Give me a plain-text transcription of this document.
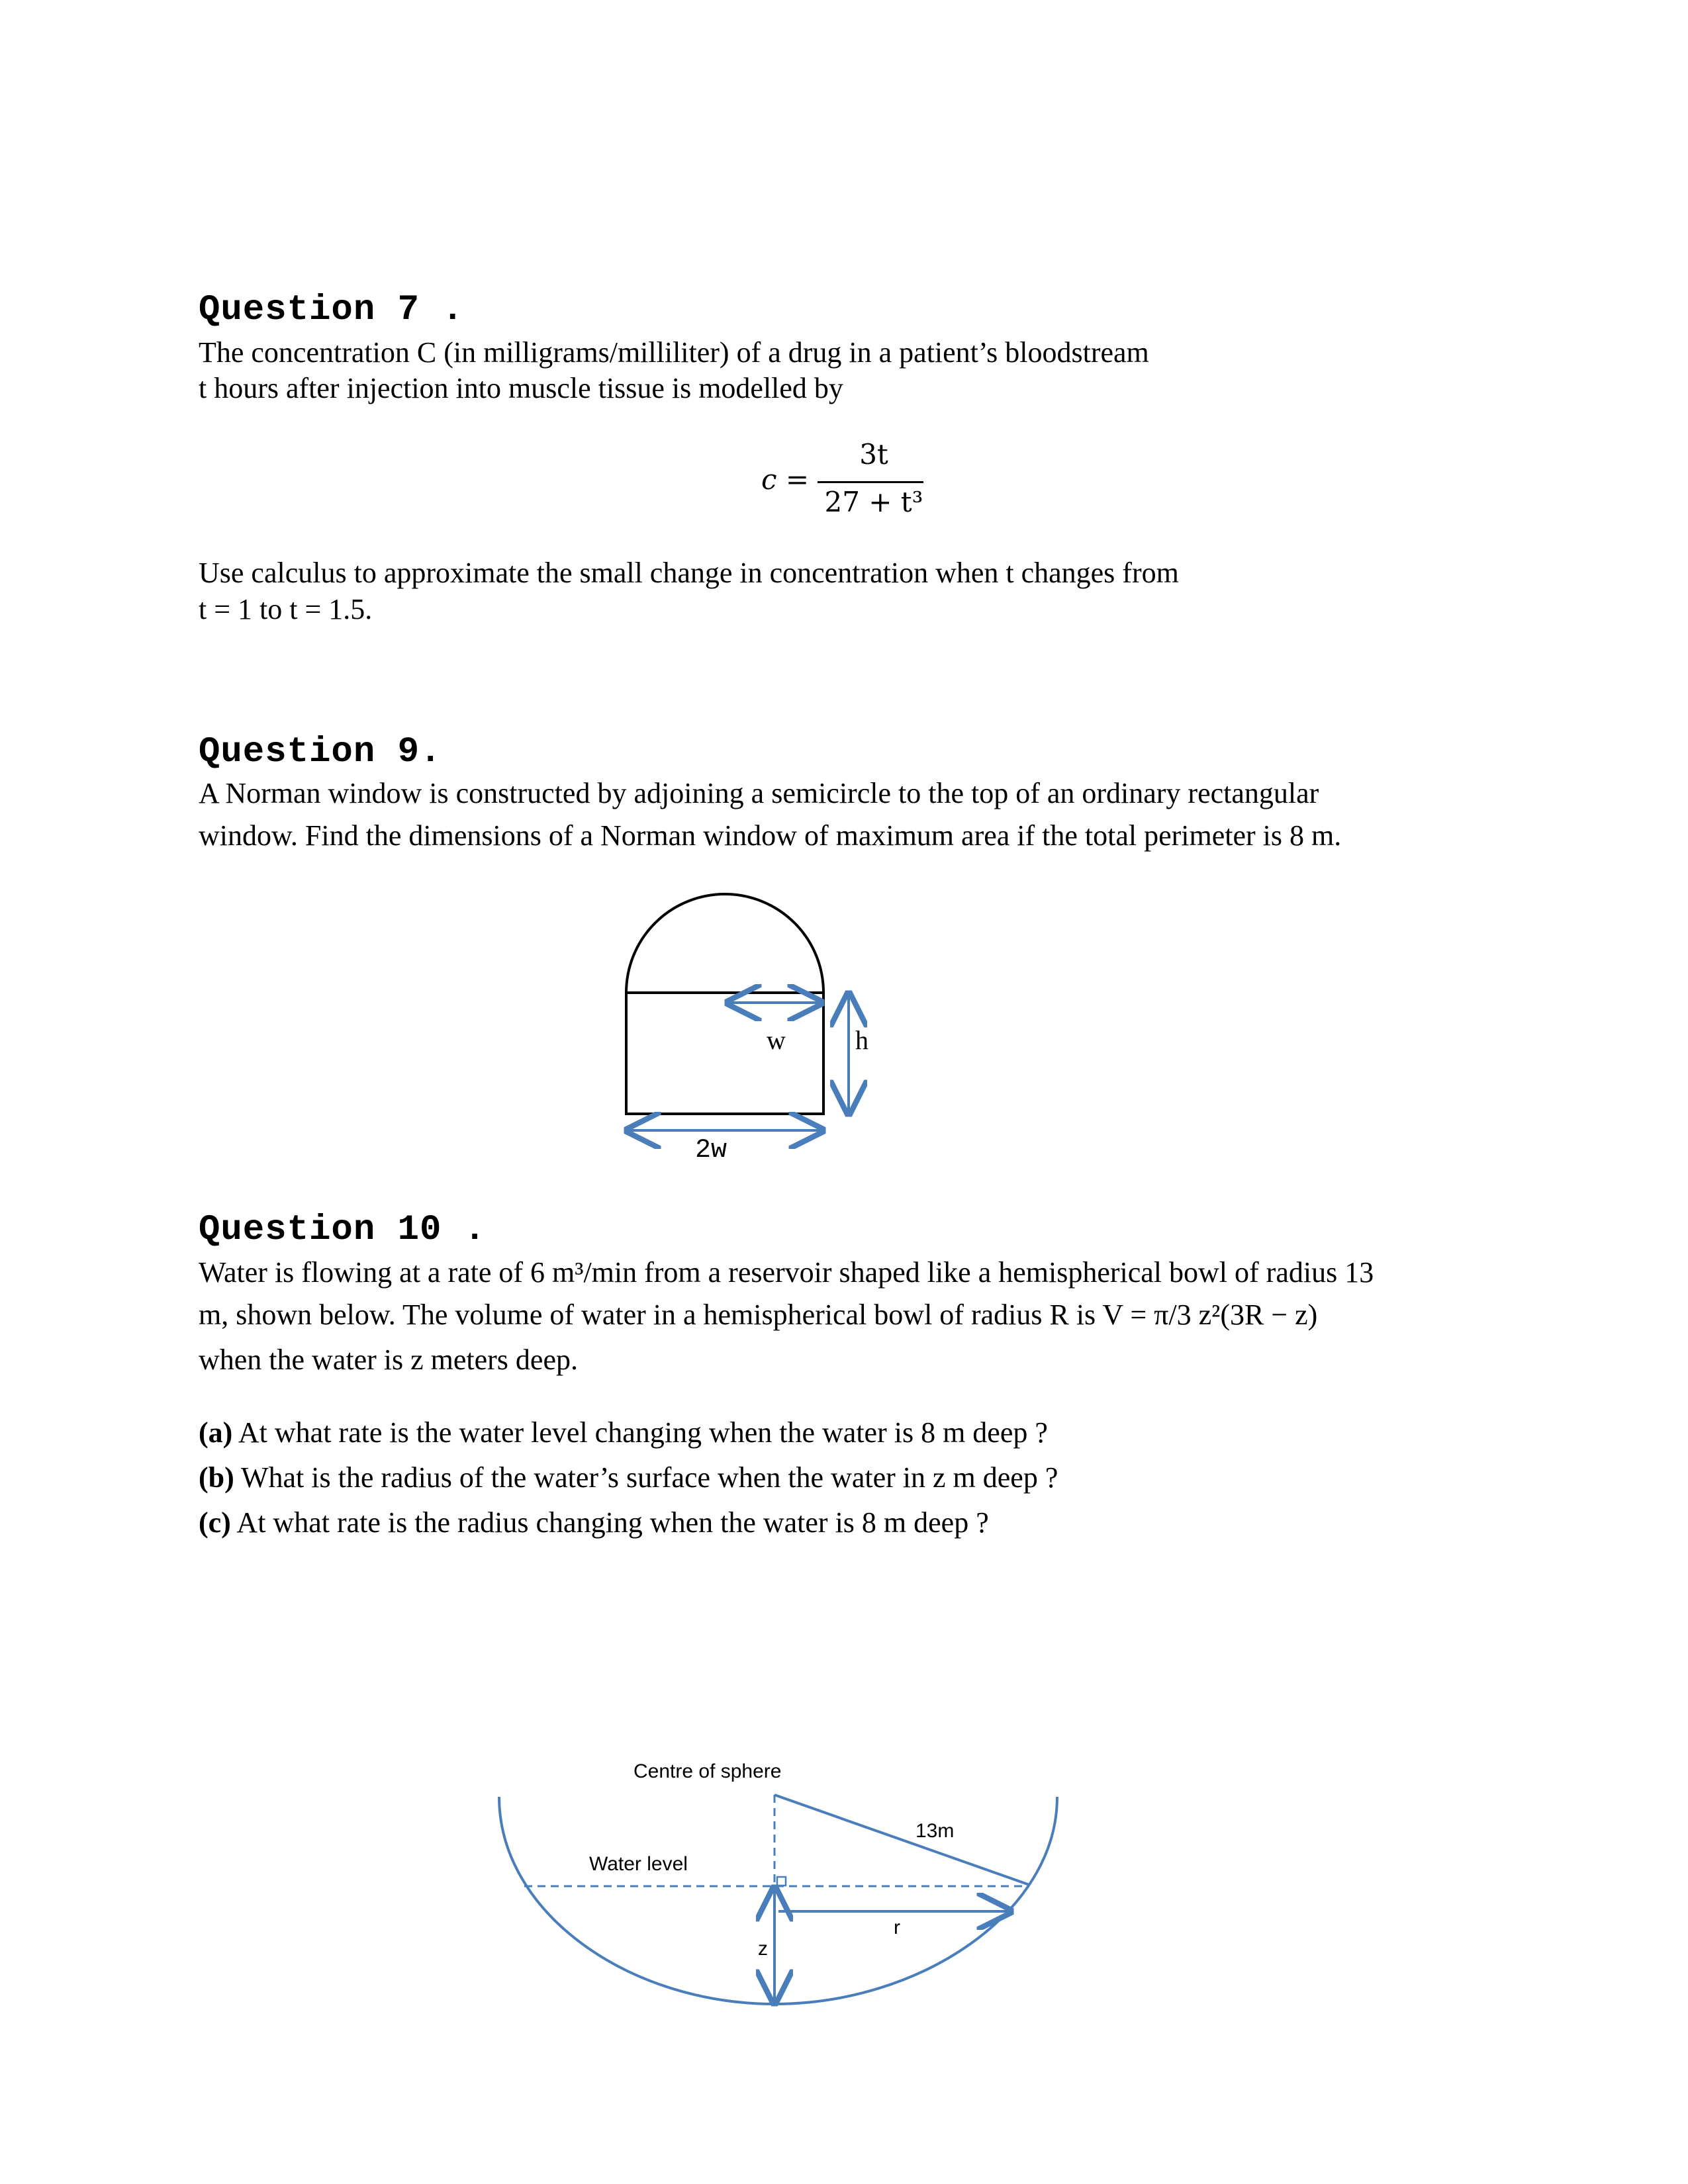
Question 7 .
The concentration C (in milligrams/milliliter) of a drug in a patient’s bloodstream
t hours after injection into muscle tissue is modelled by
c =
3t
27 + t³
Use calculus to approximate the small change in concentration when t changes from
t = 1 to t = 1.5.
Question 9.
A Norman window is constructed by adjoining a semicircle to the top of an ordinary rectangular
window. Find the dimensions of a Norman window of maximum area if the total perimeter is 8 m.
w	h
2w
Question 10 .
Water is flowing at a rate of 6 m³/min from a reservoir shaped like a hemispherical bowl of radius 13
m, shown below. The volume of water in a hemispherical bowl of radius R is V = π/3 z²(3R − z)
when the water is z meters deep.
(a) At what rate is the water level changing when the water is 8 m deep ?
(b) What is the radius of the water’s surface when the water in z m deep ?
(c) At what rate is the radius changing when the water is 8 m deep ?
Centre of sphere
13m
Water level
r
z
